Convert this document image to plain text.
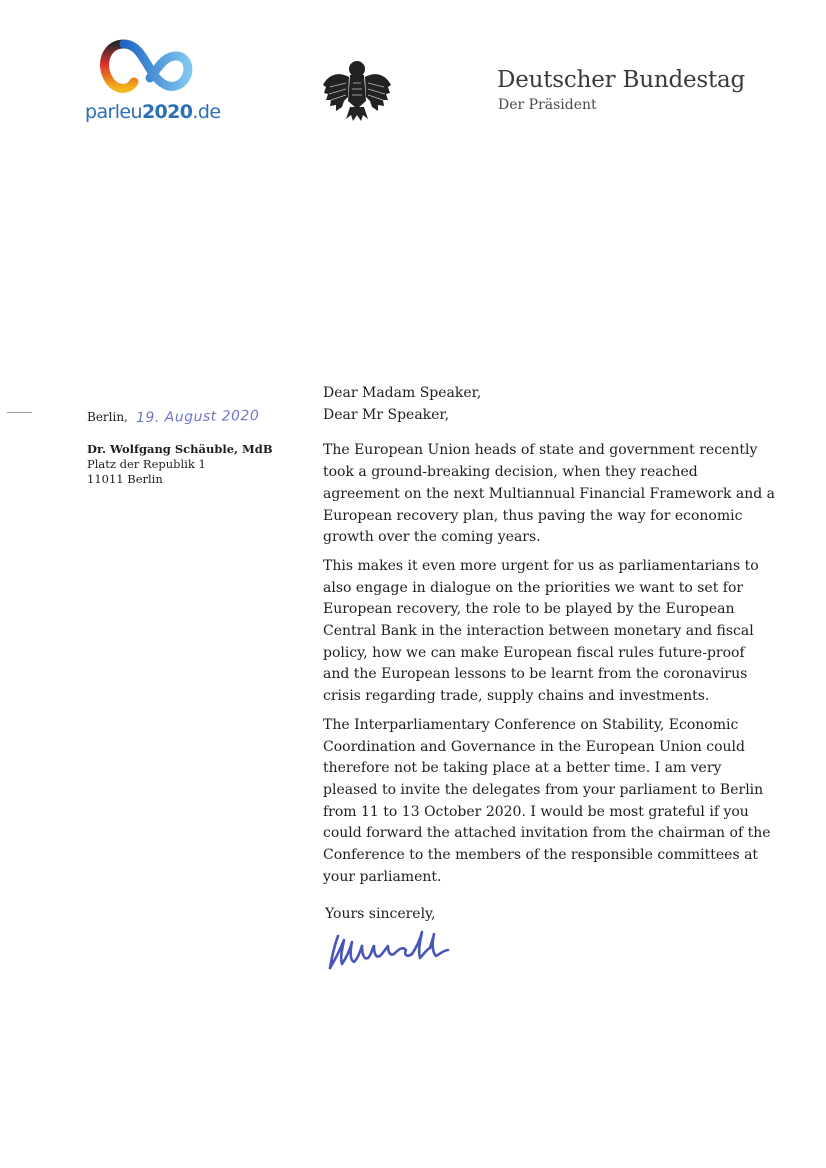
parleu2020.de
Deutscher Bundestag
Der Präsident
Berlin, 19. August 2020
Dr. Wolfgang Schäuble, MdB
Platz der Republik 1
11011 Berlin

Dear Madam Speaker,

Dear Mr Speaker,

The European Union heads of state and government recently took a ground-breaking decision, when they reached agreement on the next Multiannual Financial Framework and a European recovery plan, thus paving the way for economic growth over the coming years.

This makes it even more urgent for us as parliamentarians to also engage in dialogue on the priorities we want to set for European recovery, the role to be played by the European Central Bank in the interaction between monetary and fiscal policy, how we can make European fiscal rules future-proof and the European lessons to be learnt from the coronavirus crisis regarding trade, supply chains and investments.

The Interparliamentary Conference on Stability, Economic Coordination and Governance in the European Union could therefore not be taking place at a better time. I am very pleased to invite the delegates from your parliament to Berlin from 11 to 13 October 2020. I would be most grateful if you could forward the attached invitation from the chairman of the Conference to the members of the responsible committees at your parliament.

Yours sincerely,
